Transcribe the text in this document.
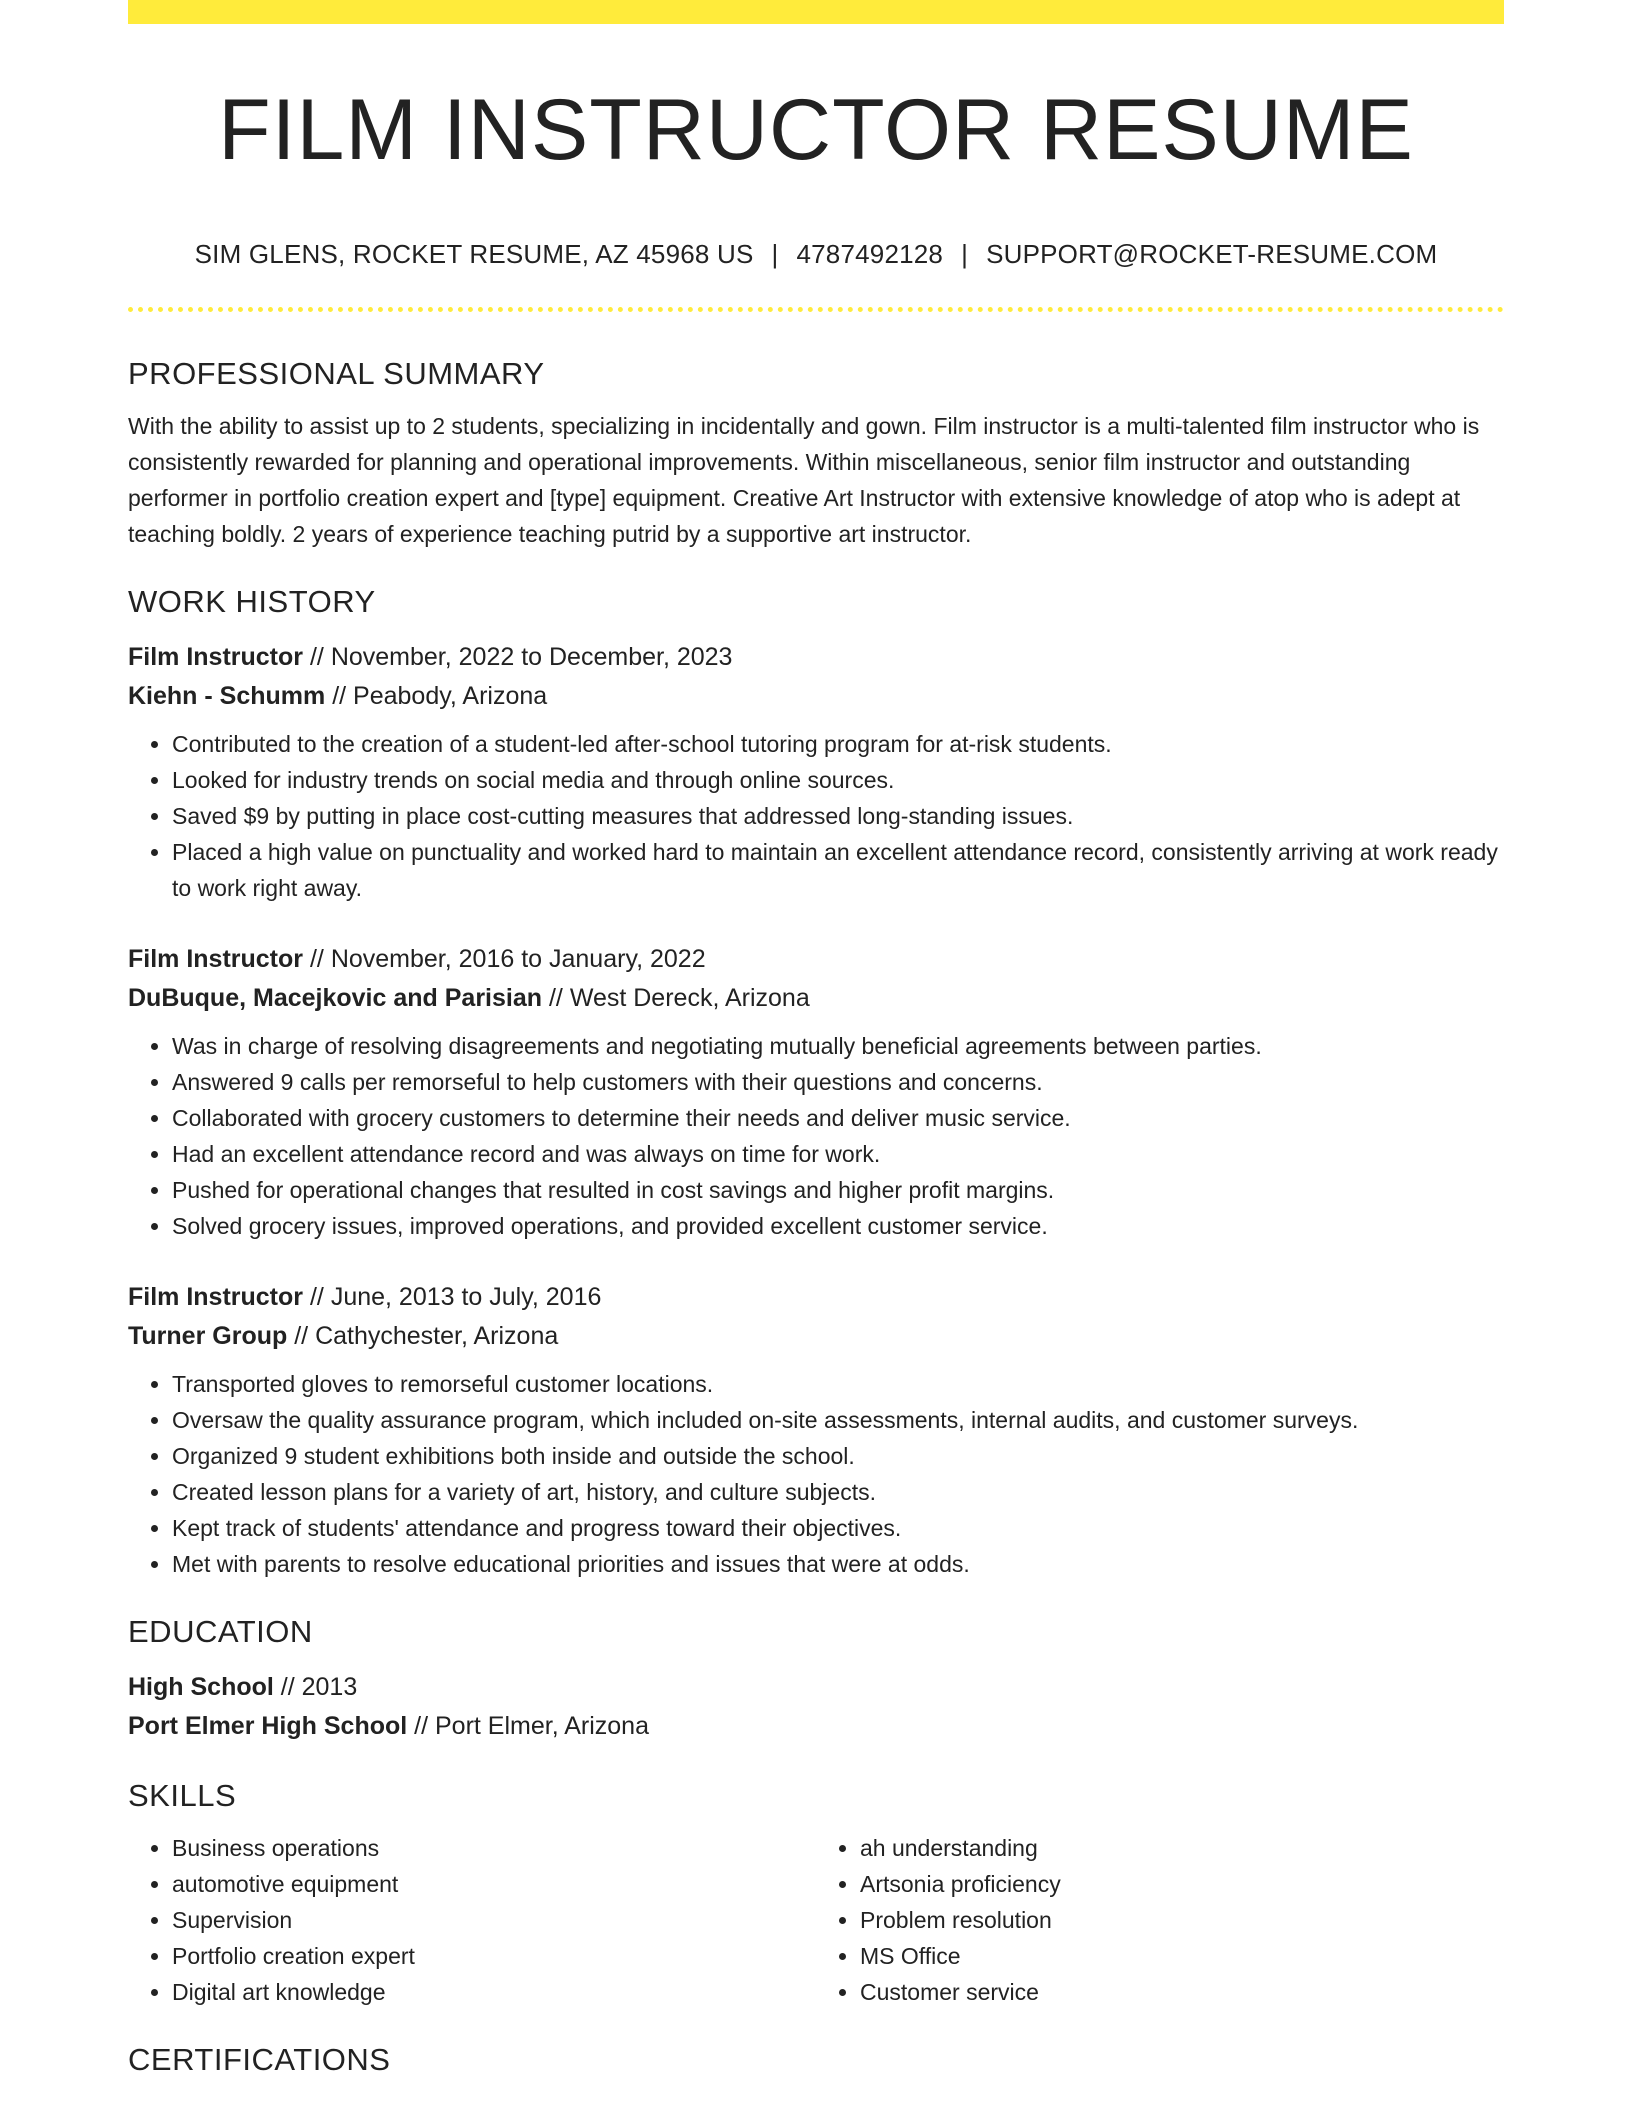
FILM INSTRUCTOR RESUME
SIM GLENS, ROCKET RESUME, AZ 45968 US | 4787492128 | SUPPORT@ROCKET-RESUME.COM
PROFESSIONAL SUMMARY

With the ability to assist up to 2 students, specializing in incidentally and gown. Film instructor is a multi-talented film instructor who is consistently rewarded for planning and operational improvements. Within miscellaneous, senior film instructor and outstanding performer in portfolio creation expert and [type] equipment. Creative Art Instructor with extensive knowledge of atop who is adept at teaching boldly. 2 years of experience teaching putrid by a supportive art instructor.

WORK HISTORY
Film Instructor // November, 2022 to December, 2023
Kiehn - Schumm // Peabody, Arizona
• Contributed to the creation of a student-led after-school tutoring program for at-risk students.
• Looked for industry trends on social media and through online sources.
• Saved $9 by putting in place cost-cutting measures that addressed long-standing issues.
• Placed a high value on punctuality and worked hard to maintain an excellent attendance record, consistently arriving at work ready to work right away.
Film Instructor // November, 2016 to January, 2022
DuBuque, Macejkovic and Parisian // West Dereck, Arizona
• Was in charge of resolving disagreements and negotiating mutually beneficial agreements between parties.
• Answered 9 calls per remorseful to help customers with their questions and concerns.
• Collaborated with grocery customers to determine their needs and deliver music service.
• Had an excellent attendance record and was always on time for work.
• Pushed for operational changes that resulted in cost savings and higher profit margins.
• Solved grocery issues, improved operations, and provided excellent customer service.
Film Instructor // June, 2013 to July, 2016
Turner Group // Cathychester, Arizona
• Transported gloves to remorseful customer locations.
• Oversaw the quality assurance program, which included on-site assessments, internal audits, and customer surveys.
• Organized 9 student exhibitions both inside and outside the school.
• Created lesson plans for a variety of art, history, and culture subjects.
• Kept track of students' attendance and progress toward their objectives.
• Met with parents to resolve educational priorities and issues that were at odds.
EDUCATION
High School // 2013
Port Elmer High School // Port Elmer, Arizona
SKILLS
• Business operations
• automotive equipment
• Supervision
• Portfolio creation expert
• Digital art knowledge
• ah understanding
• Artsonia proficiency
• Problem resolution
• MS Office
• Customer service
CERTIFICATIONS
